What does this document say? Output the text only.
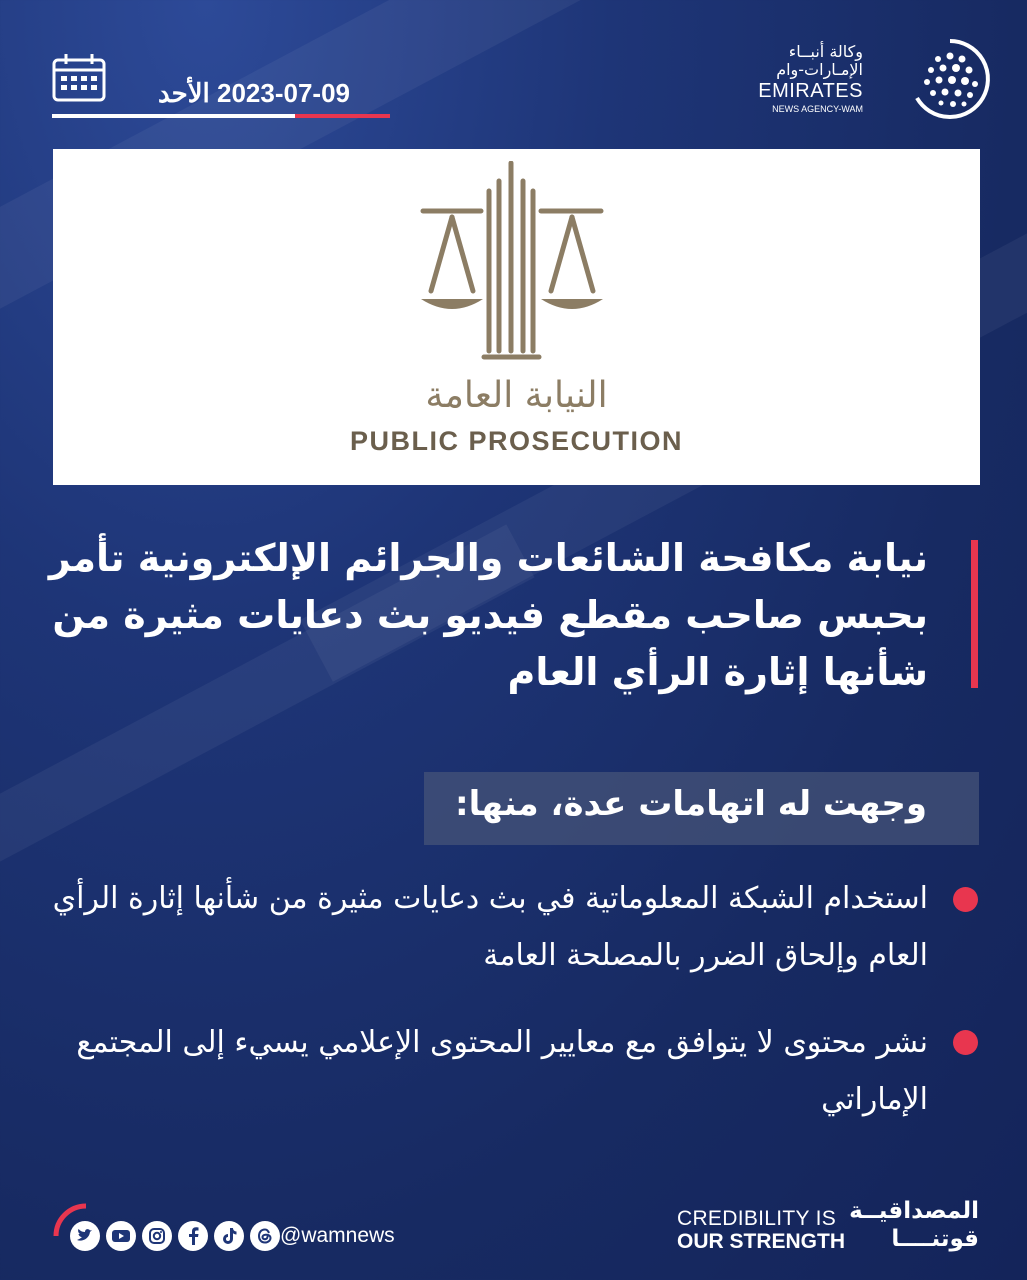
2023-07-09 الأحد
وكالة أنبــاء
الإمـارات-وام
EMIRATES
NEWS AGENCY-WAM
النيابة العامة
PUBLIC PROSECUTION
نيابة مكافحة الشائعات والجرائم الإلكترونية تأمر بحبس صاحب مقطع فيديو بث دعايات مثيرة من شأنها إثارة الرأي العام
وجهت له اتهامات عدة، منها:
استخدام الشبكة المعلوماتية في بث دعايات مثيرة من شأنها إثارة الرأي العام وإلحاق الضرر بالمصلحة العامة
نشر محتوى لا يتوافق مع معايير المحتوى الإعلامي يسيء إلى المجتمع الإماراتي
@wamnews
CREDIBILITY IS
OUR STRENGTH
المصداقيــة
قوتنــــا
